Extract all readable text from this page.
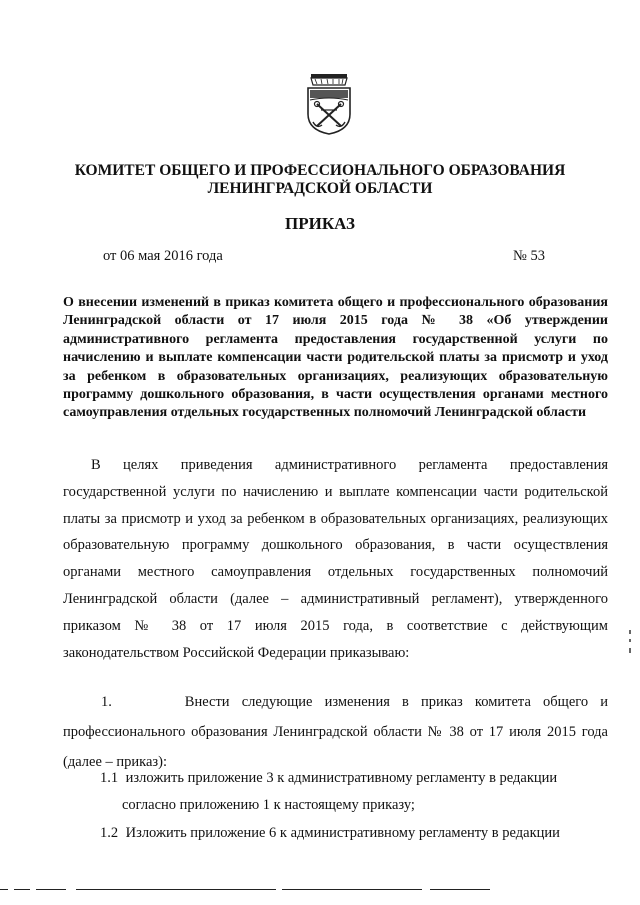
КОМИТЕТ ОБЩЕГО И ПРОФЕССИОНАЛЬНОГО ОБРАЗОВАНИЯ
ЛЕНИНГРАДСКОЙ ОБЛАСТИ
ПРИКАЗ
от 06 мая 2016 года	№ 53

О внесении изменений в приказ комитета общего и профессионального образования Ленинградской области от 17 июля 2015 года № 38 «Об утверждении административного регламента предоставления государственной услуги по начислению и выплате компенсации части родительской платы за присмотр и уход за ребенком в образовательных организациях, реализующих образовательную программу дошкольного образования, в части осуществления органами местного самоуправления отдельных государственных полномочий Ленинградской области

В целях приведения административного регламента предоставления государственной услуги по начислению и выплате компенсации части родительской платы за присмотр и уход за ребенком в образовательных организациях, реализующих образовательную программу дошкольного образования, в части осуществления органами местного самоуправления отдельных государственных полномочий Ленинградской области (далее – административный регламент), утвержденного приказом № 38 от 17 июля 2015 года, в соответствие с действующим законодательством Российской Федерации приказываю:

1.	Внести следующие изменения в приказ комитета общего и профессионального образования Ленинградской области № 38 от 17 июля 2015 года (далее – приказ):

1.1 изложить приложение 3 к административному регламенту в редакции
согласно приложению 1 к настоящему приказу;
1.2 Изложить приложение 6 к административному регламенту в редакции
